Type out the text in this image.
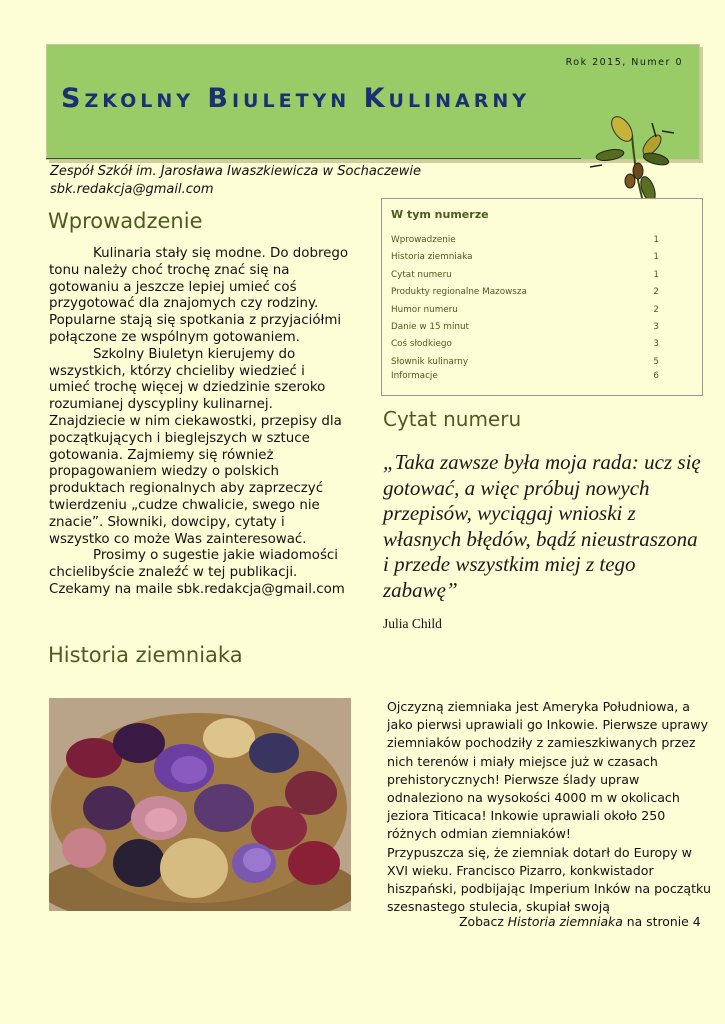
Rok 2015, Numer 0
Szkolny Biuletyn Kulinarny
Zespół Szkół im. Jarosława Iwaszkiewicza w Sochaczewie
sbk.redakcja@gmail.com
Wprowadzenie

Kulinaria stały się modne. Do dobrego tonu należy choć trochę znać się na gotowaniu a jeszcze lepiej umieć coś przygotować dla znajomych czy rodziny. Popularne stają się spotkania z przyjaciółmi połączone ze wspólnym gotowaniem.

Szkolny Biuletyn kierujemy do wszystkich, którzy chcieliby wiedzieć i umieć trochę więcej w dziedzinie szeroko rozumianej dyscypliny kulinarnej. Znajdziecie w nim ciekawostki, przepisy dla początkujących i bieglejszych w sztuce gotowania. Zajmiemy się również propagowaniem wiedzy o polskich produktach regionalnych aby zaprzeczyć twierdzeniu „cudze chwalicie, swego nie znacie”. Słowniki, dowcipy, cytaty i wszystko co może Was zainteresować.

Prosimy o sugestie jakie wiadomości chcielibyście znaleźć w tej publikacji. Czekamy na maile sbk.redakcja@gmail.com

W tym numerze
Wprowadzenie	1
Historia ziemniaka	1
Cytat numeru	1
Produkty regionalne Mazowsza	2
Humor numeru	2
Danie w 15 minut	3
Coś słodkiego	3
Słownik kulinarny	5
Informacje	6
Cytat numeru
„Taka zawsze była moja rada: ucz się gotować, a więc próbuj nowych przepisów, wyciągaj wnioski z własnych błędów, bądź nieustraszona i przede wszystkim miej z tego zabawę”
Julia Child
Historia ziemniaka

Ojczyzną ziemniaka jest Ameryka Południowa, a jako pierwsi uprawiali go Inkowie. Pierwsze uprawy ziemniaków pochodziły z zamieszkiwanych przez nich terenów i miały miejsce już w czasach prehistorycznych! Pierwsze ślady upraw odnaleziono na wysokości 4000 m w okolicach jeziora Titicaca! Inkowie uprawiali około 250 różnych odmian ziemniaków!

Przypuszcza się, że ziemniak dotarł do Europy w XVI wieku. Francisco Pizarro, konkwistador hiszpański, podbijając Imperium Inków na początku szesnastego stulecia, skupiał swoją

Zobacz Historia ziemniaka na stronie 4
